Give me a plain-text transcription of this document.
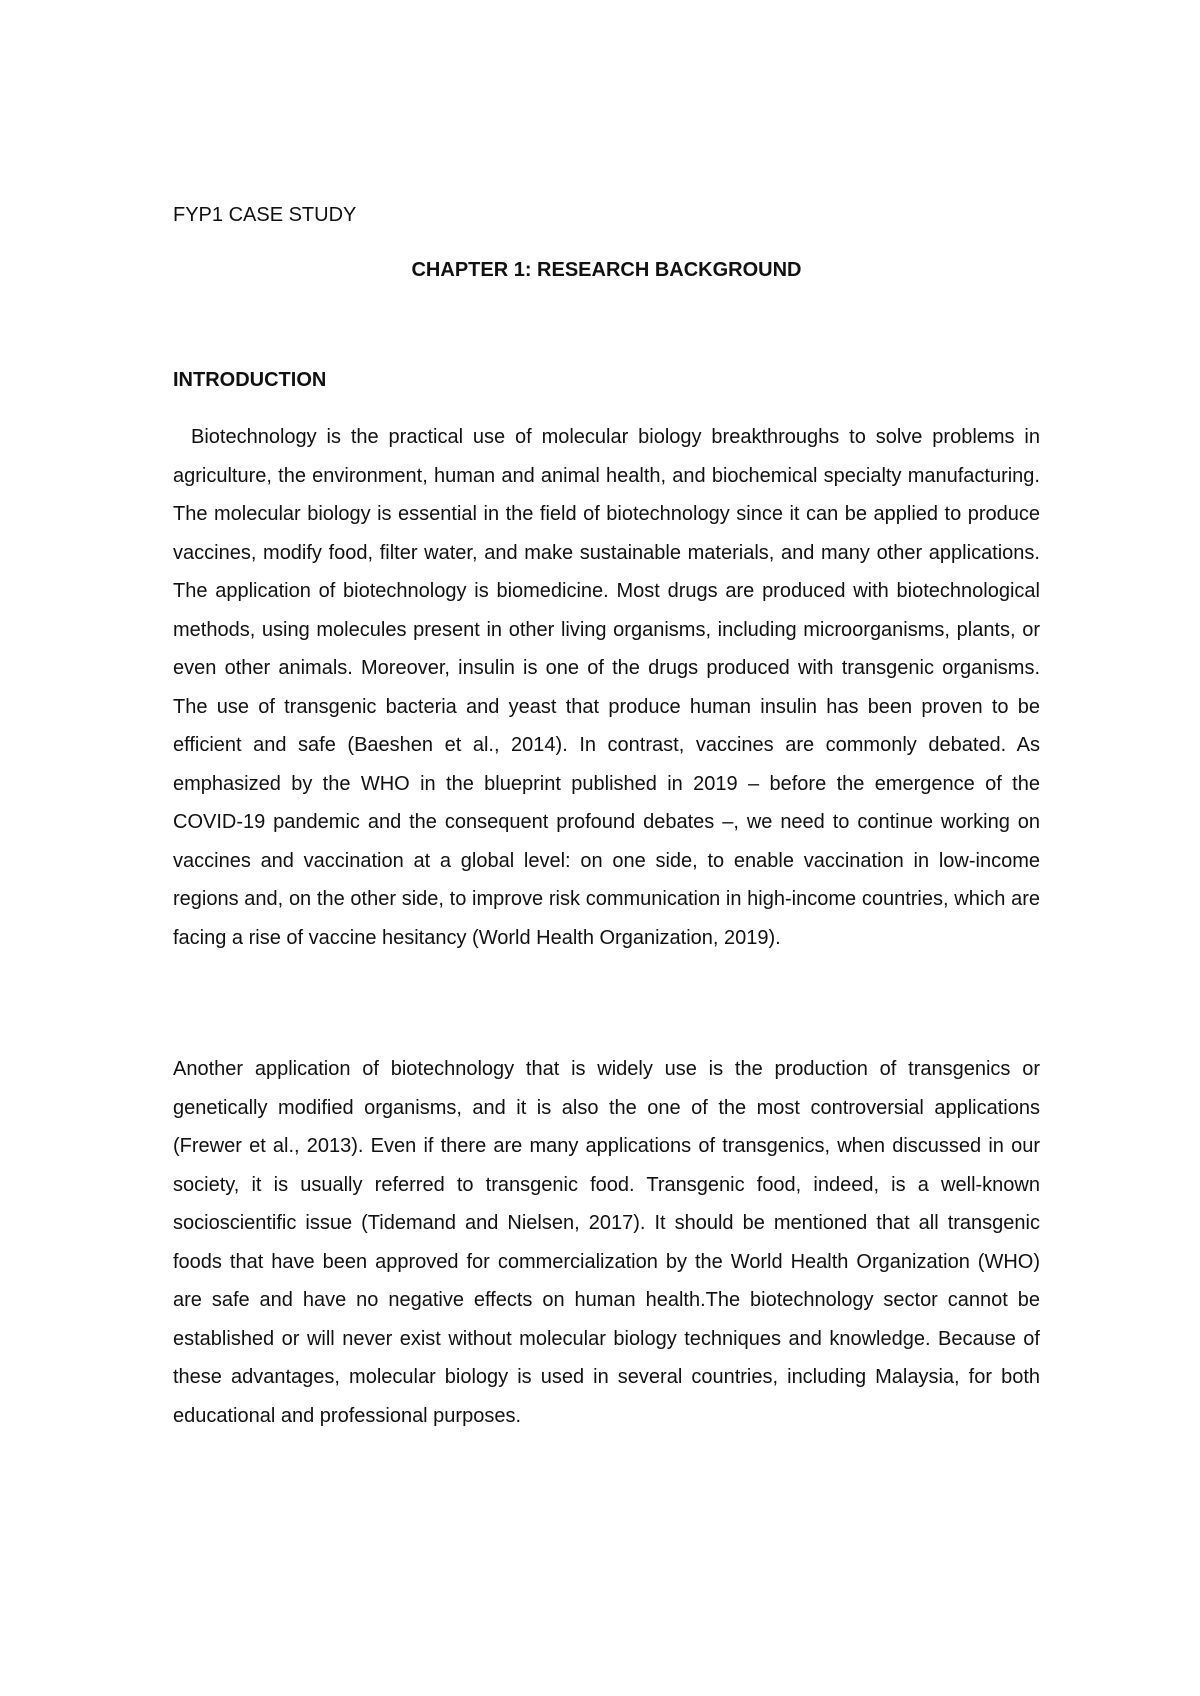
FYP1 CASE STUDY

CHAPTER 1: RESEARCH BACKGROUND
INTRODUCTION

Biotechnology is the practical use of molecular biology breakthroughs to solve problems in agriculture, the environment, human and animal health, and biochemical specialty manufacturing. The molecular biology is essential in the field of biotechnology since it can be applied to produce vaccines, modify food, filter water, and make sustainable materials, and many other applications. The application of biotechnology is biomedicine. Most drugs are produced with biotechnological methods, using molecules present in other living organisms, including microorganisms, plants, or even other animals. Moreover, insulin is one of the drugs produced with transgenic organisms. The use of transgenic bacteria and yeast that produce human insulin has been proven to be efficient and safe (Baeshen et al., 2014). In contrast, vaccines are commonly debated. As emphasized by the WHO in the blueprint published in 2019 – before the emergence of the COVID-19 pandemic and the consequent profound debates –, we need to continue working on vaccines and vaccination at a global level: on one side, to enable vaccination in low-income regions and, on the other side, to improve risk communication in high-income countries, which are facing a rise of vaccine hesitancy (World Health Organization, 2019).

Another application of biotechnology that is widely use is the production of transgenics or genetically modified organisms, and it is also the one of the most controversial applications (Frewer et al., 2013). Even if there are many applications of transgenics, when discussed in our society, it is usually referred to transgenic food. Transgenic food, indeed, is a well-known socioscientific issue (Tidemand and Nielsen, 2017). It should be mentioned that all transgenic foods that have been approved for commercialization by the World Health Organization (WHO) are safe and have no negative effects on human health.The biotechnology sector cannot be established or will never exist without molecular biology techniques and knowledge. Because of these advantages, molecular biology is used in several countries, including Malaysia, for both educational and professional purposes.
